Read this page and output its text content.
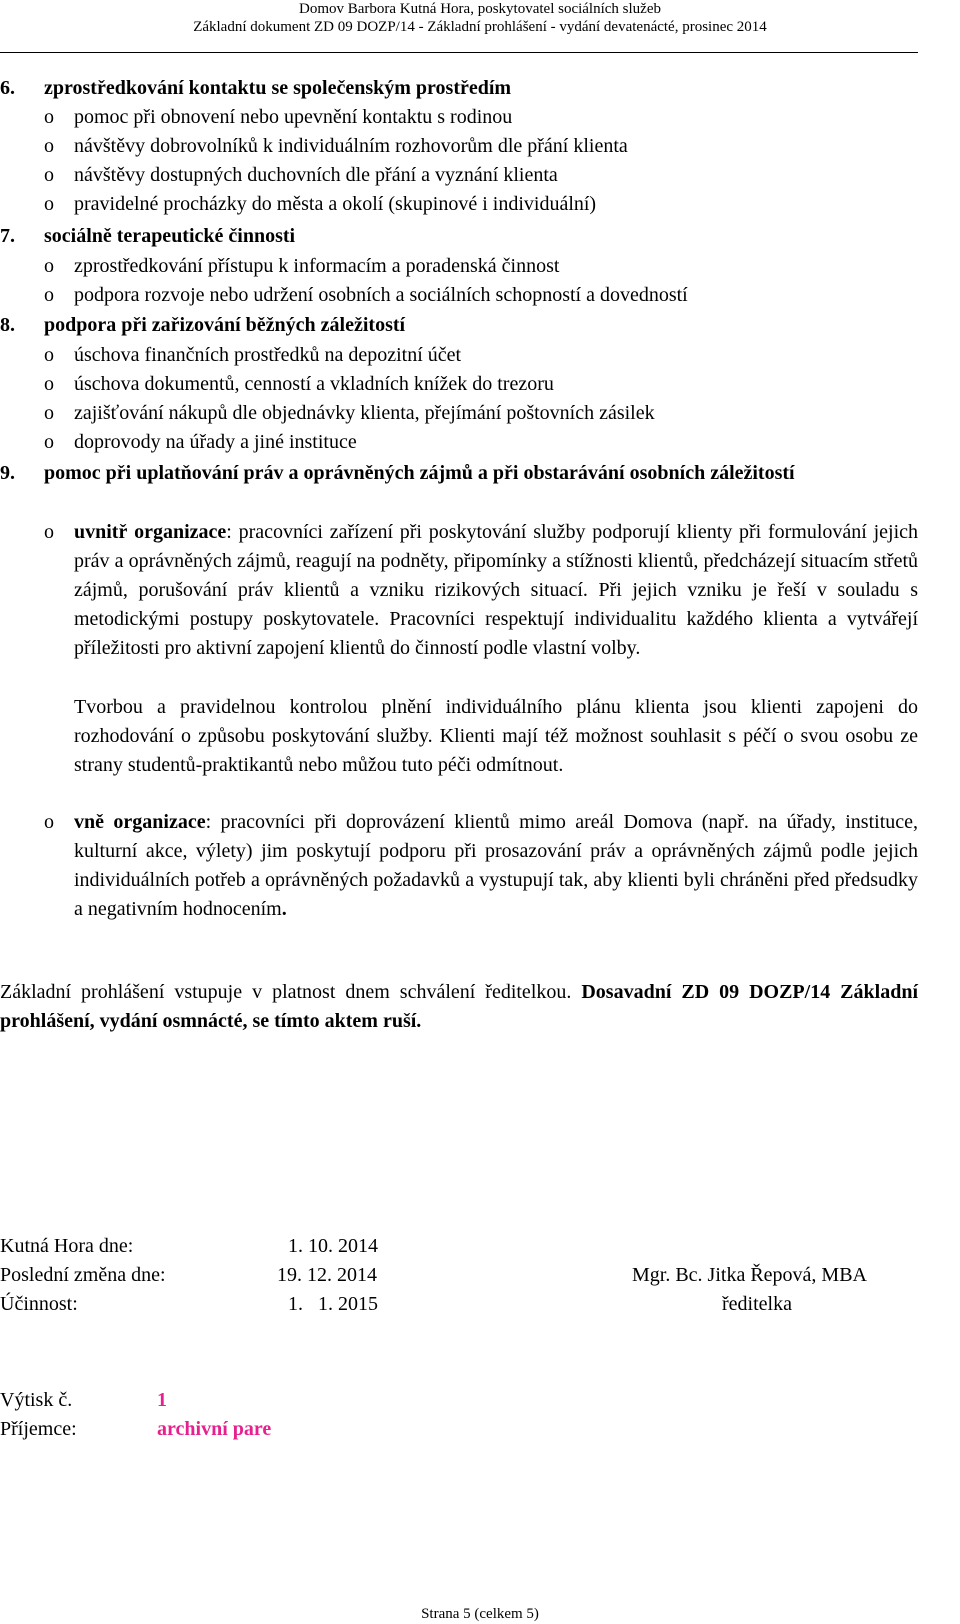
Domov Barbora Kutná Hora, poskytovatel sociálních služeb
Základní dokument ZD 09 DOZP/14 - Základní prohlášení - vydání devatenácté, prosinec 2014
6. zprostředkování kontaktu se společenským prostředím
o pomoc při obnovení nebo upevnění kontaktu s rodinou
o návštěvy dobrovolníků k individuálním rozhovorům dle přání klienta
o návštěvy dostupných duchovních dle přání a vyznání klienta
o pravidelné procházky do města a okolí (skupinové i individuální)
7. sociálně terapeutické činnosti
o zprostředkování přístupu k informacím a poradenská činnost
o podpora rozvoje nebo udržení osobních a sociálních schopností a dovedností
8. podpora při zařizování běžných záležitostí
o úschova finančních prostředků na depozitní účet
o úschova dokumentů, cenností a vkladních knížek do trezoru
o zajišťování nákupů dle objednávky klienta, přejímání poštovních zásilek
o doprovody na úřady a jiné instituce
9. pomoc při uplatňování práv a oprávněných zájmů a při obstarávání osobních záležitostí
o	uvnitř organizace: pracovníci zařízení při poskytování služby podporují klienty při formulování jejich práv a oprávněných zájmů, reagují na podněty, připomínky a stížnosti klientů, předcházejí situacím střetů zájmů, porušování práv klientů a vzniku rizikových situací. Při jejich vzniku je řeší v souladu s metodickými postupy poskytovatele. Pracovníci respektují individualitu každého klienta a vytvářejí příležitosti pro aktivní zapojení klientů do činností podle vlastní volby.
Tvorbou a pravidelnou kontrolou plnění individuálního plánu klienta jsou klienti zapojeni do rozhodování o způsobu poskytování služby. Klienti mají též možnost souhlasit s péčí o svou osobu ze strany studentů-praktikantů nebo můžou tuto péči odmítnout.
o	vně organizace: pracovníci při doprovázení klientů mimo areál Domova (např. na úřady, instituce, kulturní akce, výlety) jim poskytují podporu při prosazování práv a oprávněných zájmů podle jejich individuálních potřeb a oprávněných požadavků a vystupují tak, aby klienti byli chráněni před předsudky a negativním hodnocením.
Základní prohlášení vstupuje v platnost dnem schválení ředitelkou. Dosavadní ZD 09 DOZP/14 Základní prohlášení, vydání osmnácté, se tímto aktem ruší.
Kutná Hora dne:	1. 10. 2014
Poslední změna dne:	19. 12. 2014
Účinnost:	1.   1. 2015
Mgr. Bc. Jitka Řepová, MBA
ředitelka
Výtisk č.	1
Příjemce:	archivní pare
Strana 5 (celkem 5)
